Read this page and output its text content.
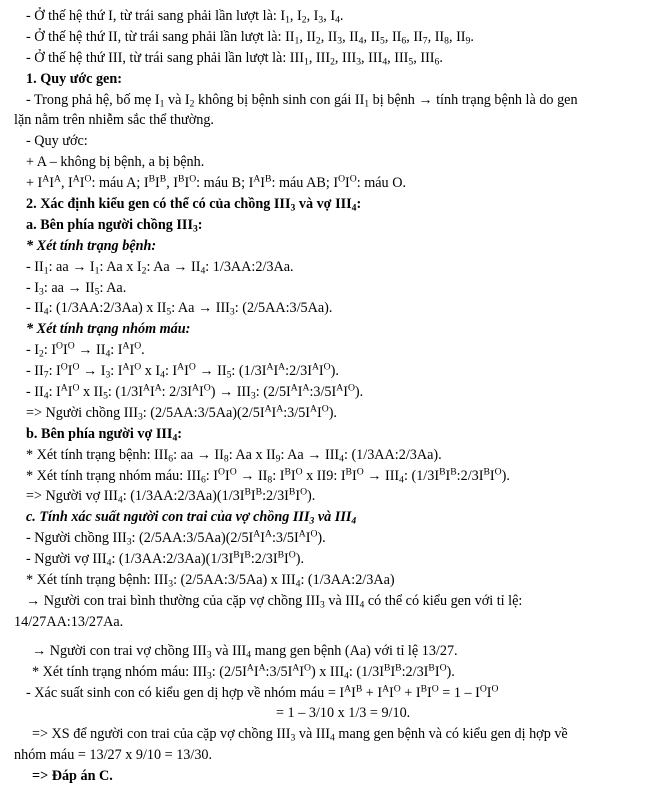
- Ở thế hệ thứ I, từ trái sang phải lần lượt là: $I_1$, $I_2$, $I_3$, $I_4$.
- Ở thế hệ thứ II, từ trái sang phải lần lượt là: $II_1$, $II_2$, $II_3$, $II_4$, $II_5$, $II_6$, $II_7$, $II_8$, $II_9$.
- Ở thế hệ thứ III, từ trái sang phải lần lượt là: $III_1$, $III_2$, $III_3$, $III_4$, $III_5$, $III_6$.
1. Quy ước gen:
- Trong phả hệ, bố mẹ $I_1$ và $I_2$ không bị bệnh sinh con gái $II_1$ bị bệnh → tính trạng bệnh là do gen
lặn nằm trên nhiễm sắc thể thường.
- Quy ước:
+ A – không bị bệnh, a bị bệnh.
+ $I^AI^A$, $I^AI^O$: máu A; $I^BI^B$, $I^BI^O$: máu B; $I^AI^B$: máu AB; $I^OI^O$: máu O.
2. Xác định kiểu gen có thể có của chồng $III_3$ và vợ $III_4$:
a. Bên phía người chồng $III_3$:
* Xét tính trạng bệnh:
- $II_1$: aa → $I_1$: Aa x $I_2$: $Aa \to II_4$: 1/3AA:2/3Aa.
- $I_3$: aa → $II_5$: Aa.
- $II_4$: (1/3AA:2/3Aa) x $II_5$: $Aa \to III_3$: (2/5AA:3/5Aa).
* Xét tính trạng nhóm máu:
- $I_2$: $I^OI^O \to II_4$: $I^AI^O$.
- $II_7$: $I^OI^O \to I_3$: $I^AI^O$ x $I_4$: $I^AI^O \to II_5$: $(1/3I^AI^A:2/3I^AI^O)$.
- $II_4$: $I^AI^O$ x $II_5$: ($1/3I^AI^A$: $2/3I^AI^O) \to III_3$: $(2/5I^AI^A:3/5I^AI^O)$.
=> Người chồng $III_3$: $(2/5AA:3/5Aa)(2/5I^AI^A:3/5I^AI^O)$.
b. Bên phía người vợ $III_4$:
* Xét tính trạng bệnh: $III_6$: aa → $II_8$: Aa x $II_9$: $Aa \to III_4$: (1/3AA:2/3Aa).
* Xét tính trạng nhóm máu: $III_6$: $I^OI^O \to II_8$: $I^BI^O$ x II9: $I^BI^O \to III_4$: $(1/3I^BI^B:2/3I^BI^O)$.
=> Người vợ $III_4$: $(1/3AA:2/3Aa)(1/3I^BI^B:2/3I^BI^O)$.
c. Tính xác suất người con trai của vợ chồng $III_3$ và $III_4$
- Người chồng $III_3$: $(2/5AA:3/5Aa)(2/5I^AI^A:3/5I^AI^O)$.
- Người vợ $III_4$: $(1/3AA:2/3Aa)(1/3I^BI^B:2/3I^BI^O)$.
* Xét tính trạng bệnh: $III_3$: (2/5AA:3/5Aa) x $III_4$: (1/3AA:2/3Aa)
→ Người con trai bình thường của cặp vợ chồng $III_3$ và $III_4$ có thể có kiểu gen với tỉ lệ:
14/27AA:13/27Aa.
→ Người con trai vợ chồng $III_3$ và $III_4$ mang gen bệnh (Aa) với tỉ lệ 13/27.
* Xét tính trạng nhóm máu: $III_3$: $(2/5I^AI^A:3/5I^AI^O)$ x $III_4$: $(1/3I^BI^B:2/3I^BI^O)$.
- Xác suất sinh con có kiểu gen dị hợp về nhóm máu = $I^AI^B + I^AI^O + I^BI^O = 1 - I^OI^O$
= 1 – 3/10 x 1/3 = 9/10.
=> XS để người con trai của cặp vợ chồng $III_3$ và $III_4$ mang gen bệnh và có kiểu gen dị hợp về
nhóm máu = 13/27 x 9/10 = 13/30.
=> Đáp án C.
